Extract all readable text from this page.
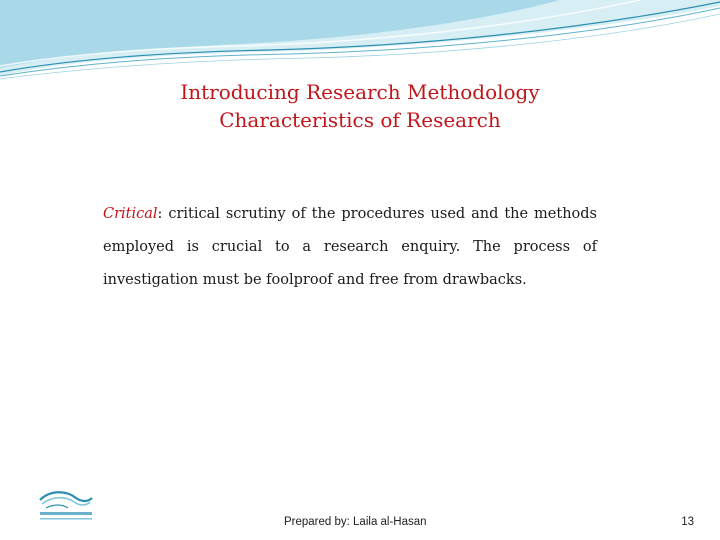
Introducing Research Methodology
Characteristics of Research
Critical: critical scrutiny of the procedures used and the methods employed is crucial to a research enquiry. The process of investigation must be foolproof and free from drawbacks.
Prepared by: Laila al-Hasan	13
